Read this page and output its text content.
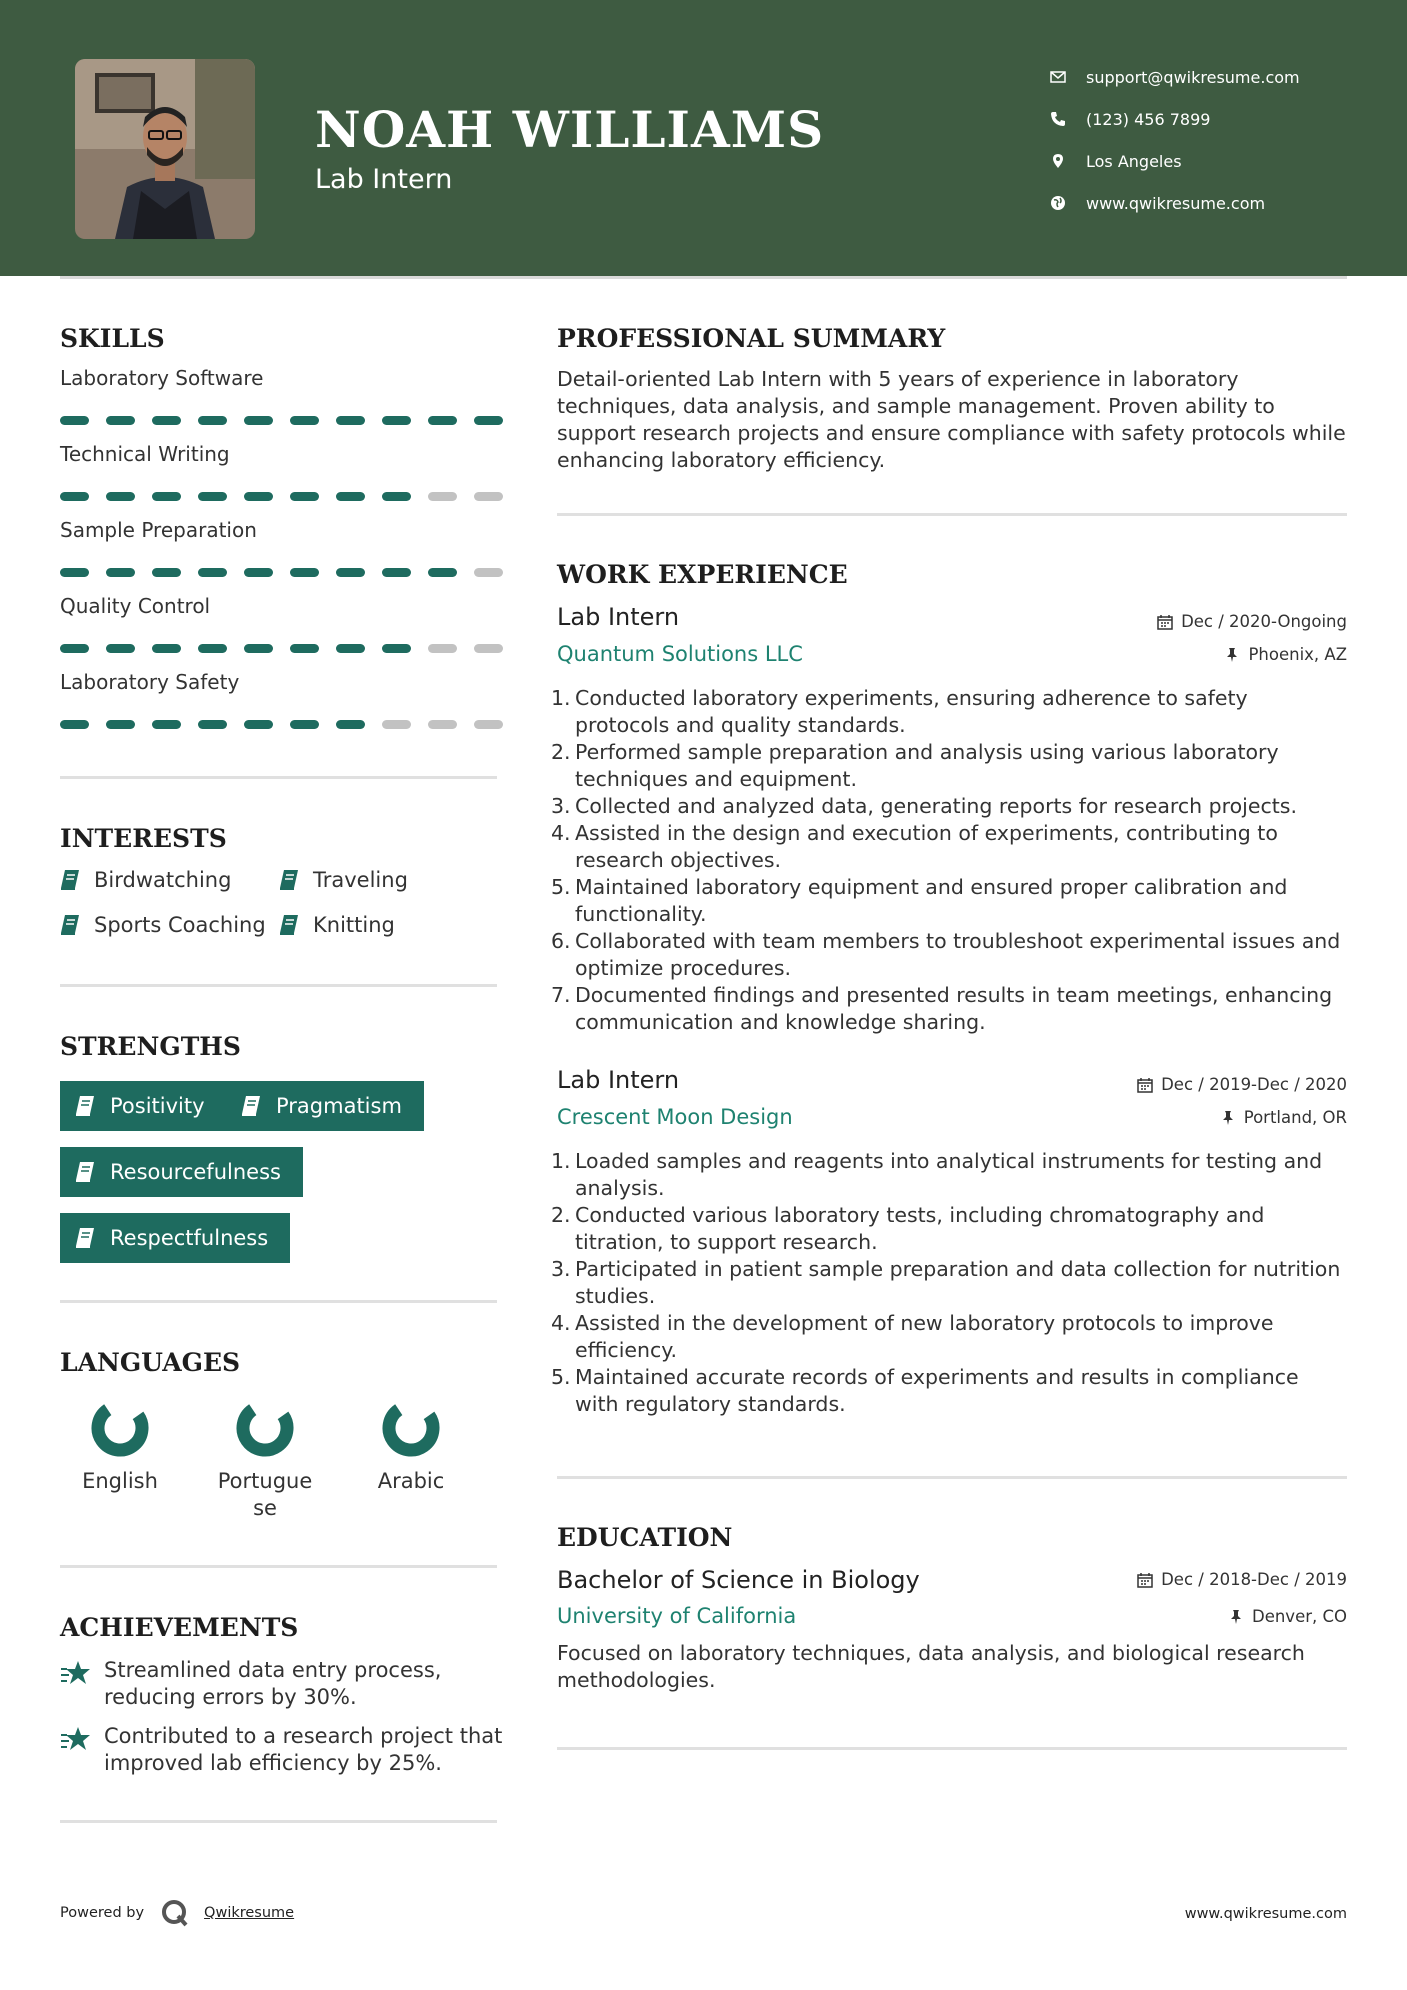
NOAH WILLIAMS
Lab Intern
support@qwikresume.com
(123) 456 7899
Los Angeles
www.qwikresume.com
SKILLS
Laboratory Software
Technical Writing
Sample Preparation
Quality Control
Laboratory Safety
INTERESTS
Birdwatching	Traveling
Sports Coaching Knitting
STRENGTHS
Positivity	Pragmatism
Resourcefulness
Respectfulness
LANGUAGES
English	Portuguese
Arabic
ACHIEVEMENTS
Streamlined data entry process, reducing errors by 30%.
Contributed to a research project that improved lab efficiency by 25%.
PROFESSIONAL SUMMARY
Detail-oriented Lab Intern with 5 years of experience in laboratory techniques, data analysis, and sample management. Proven ability to support research projects and ensure compliance with safety protocols while enhancing laboratory efficiency.
WORK EXPERIENCE
Lab Intern	Dec / 2020-Ongoing
Quantum Solutions LLC	Phoenix, AZ
1. Conducted laboratory experiments, ensuring adherence to safety protocols and quality standards.
2. Performed sample preparation and analysis using various laboratory techniques and equipment.
3. Collected and analyzed data, generating reports for research projects.
4. Assisted in the design and execution of experiments, contributing to research objectives.
5. Maintained laboratory equipment and ensured proper calibration and functionality.
6. Collaborated with team members to troubleshoot experimental issues and optimize procedures.
7. Documented findings and presented results in team meetings, enhancing communication and knowledge sharing.
Lab Intern	Dec / 2019-Dec / 2020
Crescent Moon Design	Portland, OR
1. Loaded samples and reagents into analytical instruments for testing and analysis.
2. Conducted various laboratory tests, including chromatography and titration, to support research.
3. Participated in patient sample preparation and data collection for nutrition studies.
4. Assisted in the development of new laboratory protocols to improve efficiency.
5. Maintained accurate records of experiments and results in compliance with regulatory standards.
EDUCATION
Bachelor of Science in Biology	Dec / 2018-Dec / 2019
University of California	Denver, CO
Focused on laboratory techniques, data analysis, and biological research methodologies.
Powered by	Qwikresume	www.qwikresume.com
